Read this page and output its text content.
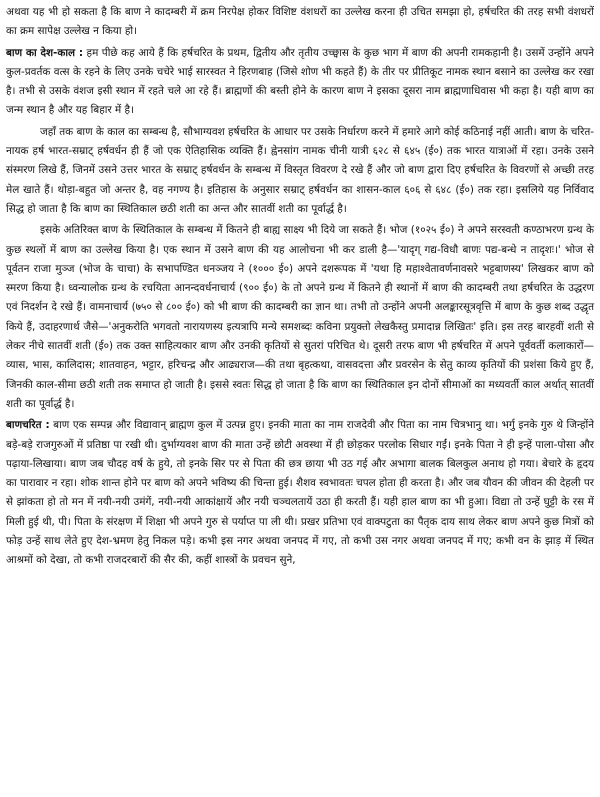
अथवा यह भी हो सकता है कि बाण ने कादम्बरी में क्रम निरपेक्ष होकर विशिष्ट वंशधरों का उल्लेख करना ही उचित समझा हो, हर्षचरित की तरह सभी वंशधरों का क्रम सापेक्ष उल्लेख न किया हो।

बाण का देश-काल : हम पीछे कह आये हैं कि हर्षचरित के प्रथम, द्वितीय और तृतीय उच्छ्वास के कुछ भाग में बाण की अपनी रामकहानी है। उसमें उन्होंने अपने कुल-प्रवर्तक वत्स के रहने के लिए उनके चचेरे भाई सारस्वत ने हिरणबाह (जिसे शोण भी कहते हैं) के तीर पर प्रीतिकूट नामक स्थान बसाने का उल्लेख कर रखा है। तभी से उसके वंशज इसी स्थान में रहते चले आ रहे हैं। ब्राह्मणों की बस्ती होने के कारण बाण ने इसका दूसरा नाम ब्राह्मणाधिवास भी कहा है। यही बाण का जन्म स्थान है और यह बिहार में है।

जहाँ तक बाण के काल का सम्बन्ध है, सौभाग्यवश हर्षचरित के आधार पर उसके निर्धारण करने में हमारे आगे कोई कठिनाई नहीं आती। बाण के चरित-नायक हर्ष भारत-सम्राट् हर्षवर्धन ही हैं जो एक ऐतिहासिक व्यक्ति हैं। ह्वेनसांग नामक चीनी यात्री ६२८ से ६४५ (ई०) तक भारत यात्राओं में रहा। उनके उसने संस्मरण लिखे हैं, जिनमें उसने उत्तर भारत के सम्राट् हर्षवर्धन के सम्बन्ध में विस्तृत विवरण दे रखे हैं और जो बाण द्वारा दिए हर्षचरित के विवरणों से अच्छी तरह मेल खाते हैं। थोड़ा-बहुत जो अन्तर है, वह नगण्य है। इतिहास के अनुसार सम्राट् हर्षवर्धन का शासन-काल ६०६ से ६४८ (ई०) तक रहा। इसलिये यह निर्विवाद सिद्ध हो जाता है कि बाण का स्थितिकाल छठी शती का अन्त और सातवीं शती का पूर्वार्द्ध है।

इसके अतिरिक्त बाण के स्थितिकाल के सम्बन्ध में कितने ही बाह्य साक्ष्य भी दिये जा सकते हैं। भोज (१०२५ ई०) ने अपने सरस्वती कण्ठाभरण ग्रन्थ के कुछ स्थलों में बाण का उल्लेख किया है। एक स्थान में उसने बाण की यह आलोचना भी कर डाली है—'यादृग् गद्य-विधौ बाणः पद्य-बन्धे न तादृशः।' भोज से पूर्वतन राजा मुञ्ज (भोज के चाचा) के सभापण्डित धनञ्जय ने (१००० ई०) अपने दशरूपक में 'यथा हि महाश्वेतावर्णनावसरे भट्टबाणस्य' लिखकर बाण को स्मरण किया है। ध्वन्यालोक ग्रन्थ के रचयिता आनन्दवर्धनाचार्य (९०० ई०) के तो अपने ग्रन्थ में कितने ही स्थानों में बाण की कादम्बरी तथा हर्षचरित के उद्धरण एवं निदर्शन दे रखे हैं। वामनाचार्य (७५० से ८०० ई०) को भी बाण की कादम्बरी का ज्ञान था। तभी तो उन्होंने अपनी अलङ्कारसूत्रवृत्ति में बाण के कुछ शब्द उद्धृत किये हैं, उदाहरणार्थ जैसे—'अनुकरोति भगवतो नारायणस्य इत्यत्रापि मन्ये समशब्दः कविना प्रयुक्तो लेखकैस्तु प्रमादान्न लिखितः' इति। इस तरह बारहवीं शती से लेकर नीचे सातवीं शती (ई०) तक उक्त साहित्यकार बाण और उनकी कृतियों से सुतरां परिचित थे। दूसरी तरफ बाण भी हर्षचरित में अपने पूर्ववर्ती कलाकारों—व्यास, भास, कालिदास; शातवाहन, भट्टार, हरिचन्द्र और आढ्यराज—की तथा बृहत्कथा, वासवदत्ता और प्रवरसेन के सेतु काव्य कृतियों की प्रशंसा किये हुए हैं, जिनकी काल-सीमा छठी शती तक समाप्त हो जाती है। इससे स्वतः सिद्ध हो जाता है कि बाण का स्थितिकाल इन दोनों सीमाओं का मध्यवर्ती काल अर्थात् सातवीं शती का पूर्वार्द्ध है।

बाणचरित : बाण एक सम्पन्न और विद्यावान् ब्राह्मण कुल में उत्पन्न हुए। इनकी माता का नाम राजदेवी और पिता का नाम चित्रभानु था। भर्गु इनके गुरु थे जिन्होंने बड़े-बड़े राजगुरुओं में प्रतिष्ठा पा रखी थी। दुर्भाग्यवश बाण की माता उन्हें छोटी अवस्था में ही छोड़कर परलोक सिधार गईं। इनके पिता ने ही इन्हें पाला-पोसा और पढ़ाया-लिखाया। बाण जब चौदह वर्ष के हुये, तो इनके सिर पर से पिता की छत्र छाया भी उठ गई और अभागा बालक बिलकुल अनाथ हो गया। बेचारे के हृदय का पारावार न रहा। शोक शान्त होने पर बाण को अपने भविष्य की चिन्ता हुई। शैशव स्वभावतः चपल होता ही करता है। और जब यौवन की जीवन की देहली पर से झांकता हो तो मन में नयी-नयी उमंगें, नयी-नयी आकांक्षायें और नयी चञ्चलतायें उठा ही करती हैं। यही हाल बाण का भी हुआ। विद्या तो उन्हें घुट्टी के रस में मिली हुई थी, पी। पिता के संरक्षण में शिक्षा भी अपने गुरु से पर्याप्त पा ली थी। प्रखर प्रतिभा एवं वाक्पटुता का पैतृक दाय साथ लेकर बाण अपने कुछ मित्रों को फोड़ उन्हें साथ लेते हुए देश-भ्रमण हेतु निकल पड़े। कभी इस नगर अथवा जनपद में गए, तो कभी उस नगर अथवा जनपद में गए; कभी वन के झाड़ में स्थित आश्रमों को देखा, तो कभी राजदरबारों की सैर की, कहीं शास्त्रों के प्रवचन सुने,
